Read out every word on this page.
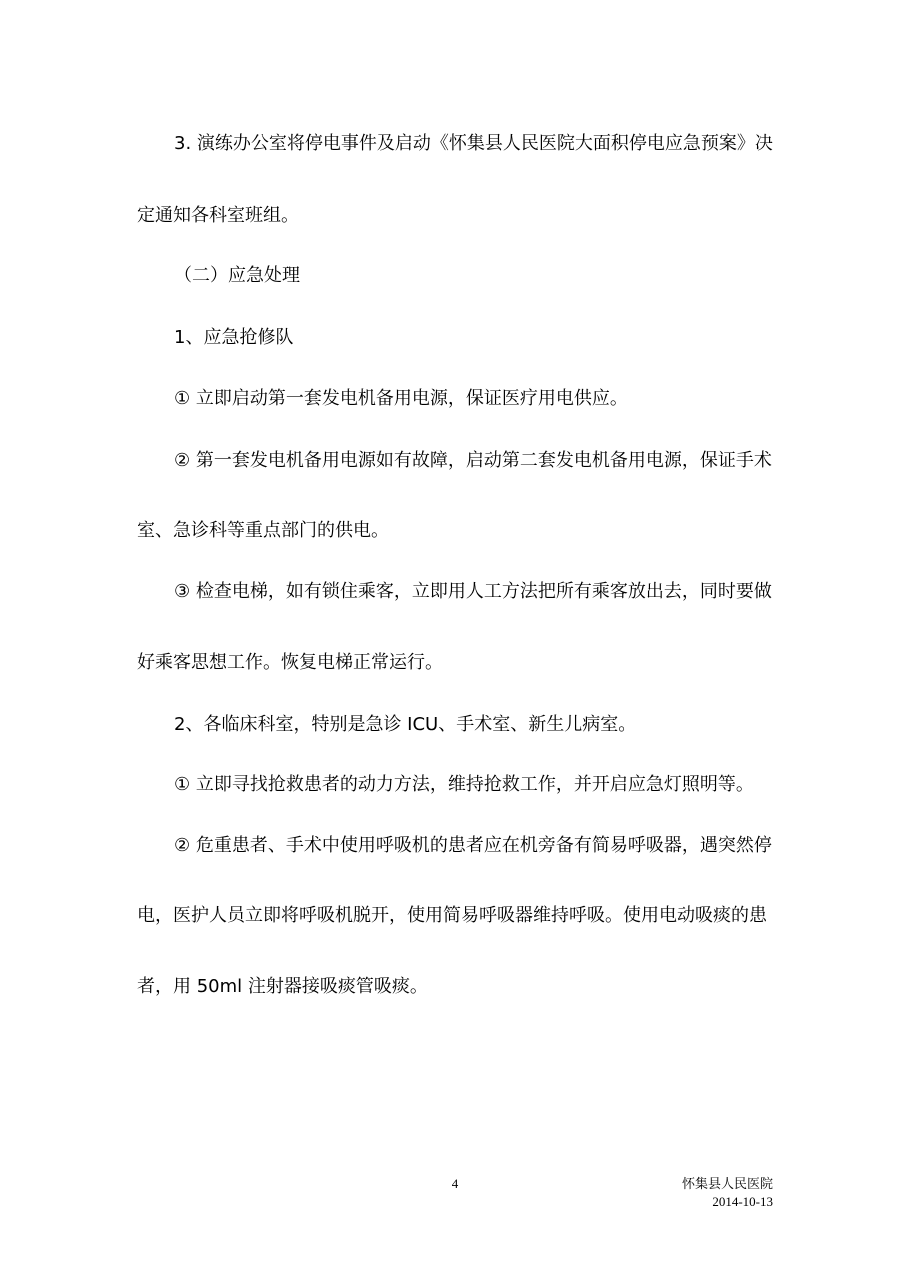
3. 演练办公室将停电事件及启动《怀集县人民医院大面积停电应急预案》决

定通知各科室班组。

（二）应急处理

1、应急抢修队

① 立即启动第一套发电机备用电源，保证医疗用电供应。

② 第一套发电机备用电源如有故障，启动第二套发电机备用电源，保证手术

室、急诊科等重点部门的供电。

③ 检查电梯，如有锁住乘客，立即用人工方法把所有乘客放出去，同时要做

好乘客思想工作。恢复电梯正常运行。

2、各临床科室，特别是急诊 ICU、手术室、新生儿病室。

① 立即寻找抢救患者的动力方法，维持抢救工作，并开启应急灯照明等。

② 危重患者、手术中使用呼吸机的患者应在机旁备有简易呼吸器，遇突然停

电，医护人员立即将呼吸机脱开，使用简易呼吸器维持呼吸。使用电动吸痰的患

者，用 50ml 注射器接吸痰管吸痰。

4	怀集县人民医院
2014-10-13
